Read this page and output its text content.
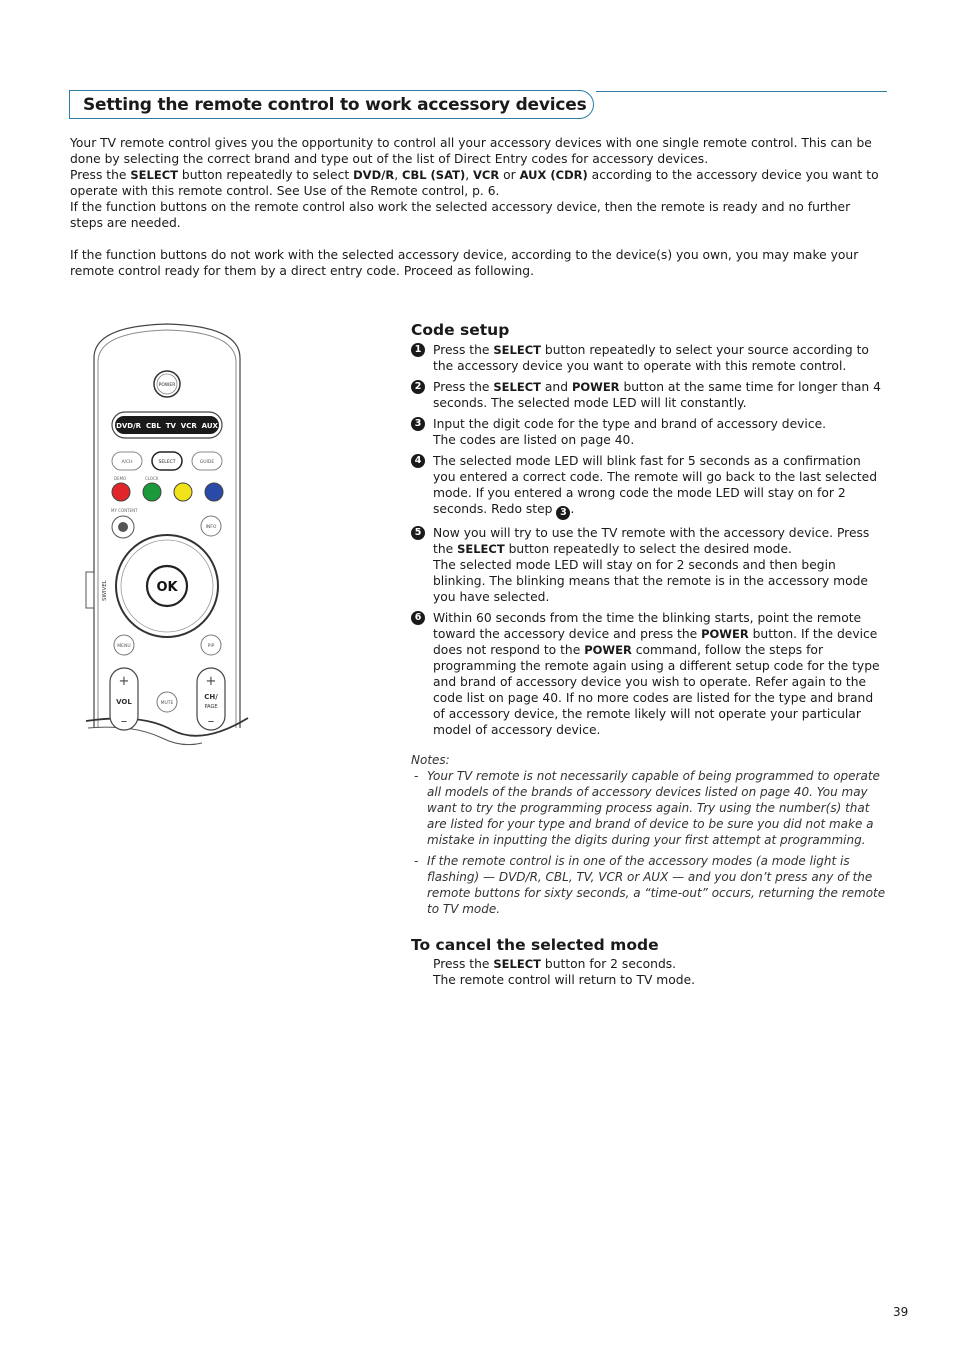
Setting the remote control to work accessory devices

Your TV remote control gives you the opportunity to control all your accessory devices with one single remote control. This can be done by selecting the correct brand and type out of the list of Direct Entry codes for accessory devices.

Press the SELECT button repeatedly to select DVD/R, CBL (SAT), VCR or AUX (CDR) according to the accessory device you want to operate with this remote control. See Use of the Remote control, p. 6.

If the function buttons on the remote control also work the selected accessory device, then the remote is ready and no further steps are needed.

If the function buttons do not work with the selected accessory device, according to the device(s) you own, you may make your remote control ready for them by a direct entry code. Proceed as following.

SWIVEL
POWER
DVD/R  CBL  TV  VCR  AUX
A/CH	SELECT	GUIDE
DEMO	CLOCK
MY CONTENT
INFO
OK
MENU	PIP
+
VOL
–
MUTE
+
CH/
PAGE
–
Code setup
1 Press the SELECT button repeatedly to select your source according to the accessory device you want to operate with this remote control.
2 Press the SELECT and POWER button at the same time for longer than 4 seconds. The selected mode LED will lit constantly.
3 Input the digit code for the type and brand of accessory device.
The codes are listed on page 40.
4 The selected mode LED will blink fast for 5 seconds as a confirmation you entered a correct code. The remote will go back to the last selected mode. If you entered a wrong code the mode LED will stay on for 2 seconds. Redo step 3 .
5 Now you will try to use the TV remote with the accessory device. Press the SELECT button repeatedly to select the desired mode.
The selected mode LED will stay on for 2 seconds and then begin blinking. The blinking means that the remote is in the accessory mode you have selected.
6 Within 60 seconds from the time the blinking starts, point the remote toward the accessory device and press the POWER button. If the device does not respond to the POWER command, follow the steps for programming the remote again using a different setup code for the type and brand of accessory device you wish to operate. Refer again to the code list on page 40. If no more codes are listed for the type and brand of accessory device, the remote likely will not operate your particular model of accessory device.
Notes:
- Your TV remote is not necessarily capable of being programmed to operate all models of the brands of accessory devices listed on page 40. You may want to try the programming process again. Try using the number(s) that are listed for your type and brand of device to be sure you did not make a mistake in inputting the digits during your first attempt at programming.
- If the remote control is in one of the accessory modes (a mode light is flashing) — DVD/R, CBL, TV, VCR or AUX — and you don’t press any of the remote buttons for sixty seconds, a “time-out” occurs, returning the remote to TV mode.
To cancel the selected mode
Press the SELECT button for 2 seconds.
The remote control will return to TV mode.
39
